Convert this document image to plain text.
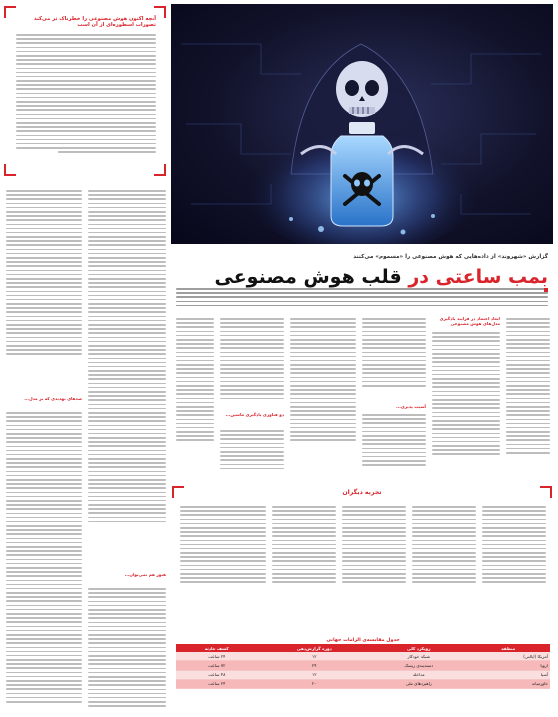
آنچه اکنون هوش مصنوعی را خطرناک تر می‌کند تصورات اسطوره‌ای از آن است
صدهای تهدیدی که بر مدل...
هنوز هم نمی‌توان...
گزارش «شهروند» از داده‌هایی که هوش مصنوعی را «مسموم» می‌کنند
بمب ساعتی در قلب هوش مصنوعی
ابعاد اعتماد در فرایند یادگیری مدل‌های هوش مصنوعی
آسیب پذیری...
دو فناوری یادگیری ماشین...
تجربه دیگران
جدول مقایسه‌ی الزامات جهانی
منطقه	رویکرد کلی	دوره گزارش‌دهی	کشف حادثه
آمریکا (ایالتی)	شبکه خودکار	۱۲	۲۴ ساعت
اروپا	دسته‌بندی ریسک	۲۴	۷۲ ساعت
آسیا	مداخله	۱۲	۴۸ ساعت
خاورمیانه	راهبردهای ملی	۲۰	۲۴ ساعت
